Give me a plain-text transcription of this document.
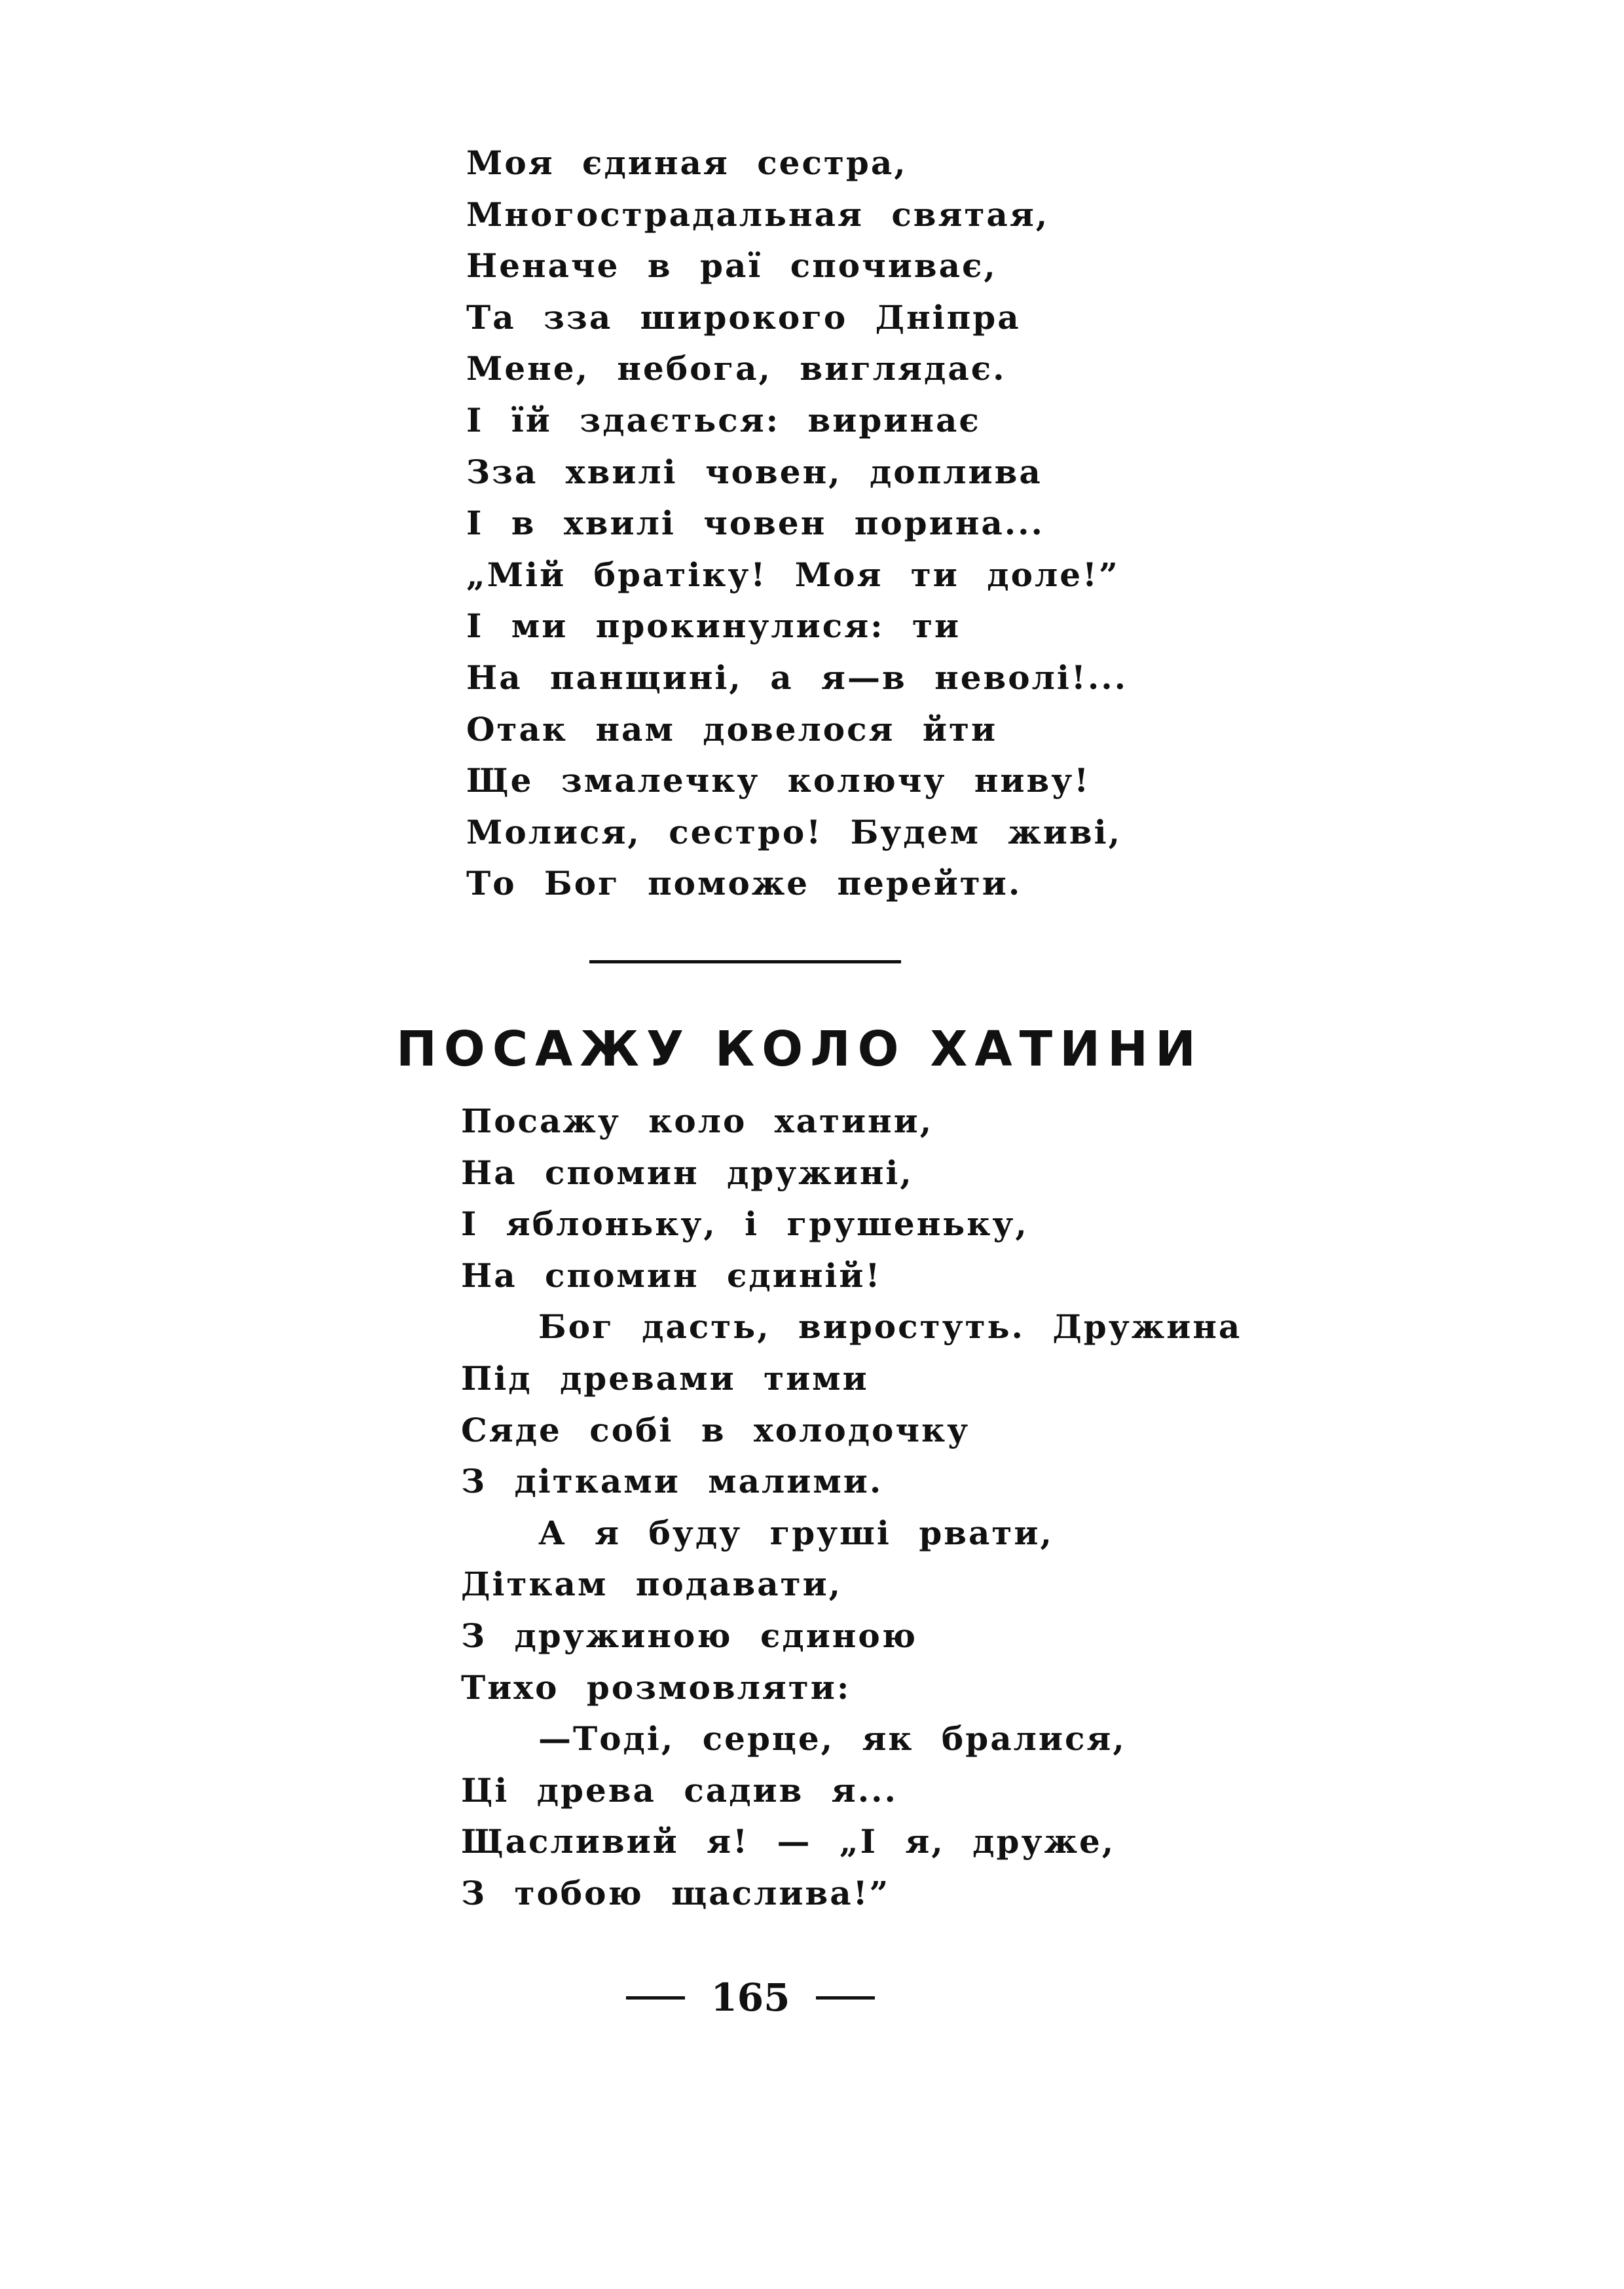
Моя єдиная сестра,
Многострадальная святая,
Неначе в раї спочиває,
Та зза широкого Дніпра
Мене, небога, виглядає.
І їй здається: виринає
Зза хвилі човен, доплива
І в хвилі човен порина...
„Мій братіку! Моя ти доле!”
І ми прокинулися: ти
На панщині, а я—в неволі!...
Отак нам довелося йти
Ще змалечку колючу ниву!
Молися, сестро! Будем живі,
То Бог поможе перейти.
ПОСАЖУ КОЛО ХАТИНИ
Посажу коло хатини,
На спомин дружині,
І яблоньку, і грушеньку,
На спомин єдиній!
Бог дасть, виростуть. Дружина
Під древами тими
Сяде собі в холодочку
З дітками малими.
А я буду груші рвати,
Діткам подавати,
З дружиною єдиною
Тихо розмовляти:
—Тоді, серце, як бралися,
Ці древа садив я...
Щасливий я! — „І я, друже,
З тобою щаслива!”
165
